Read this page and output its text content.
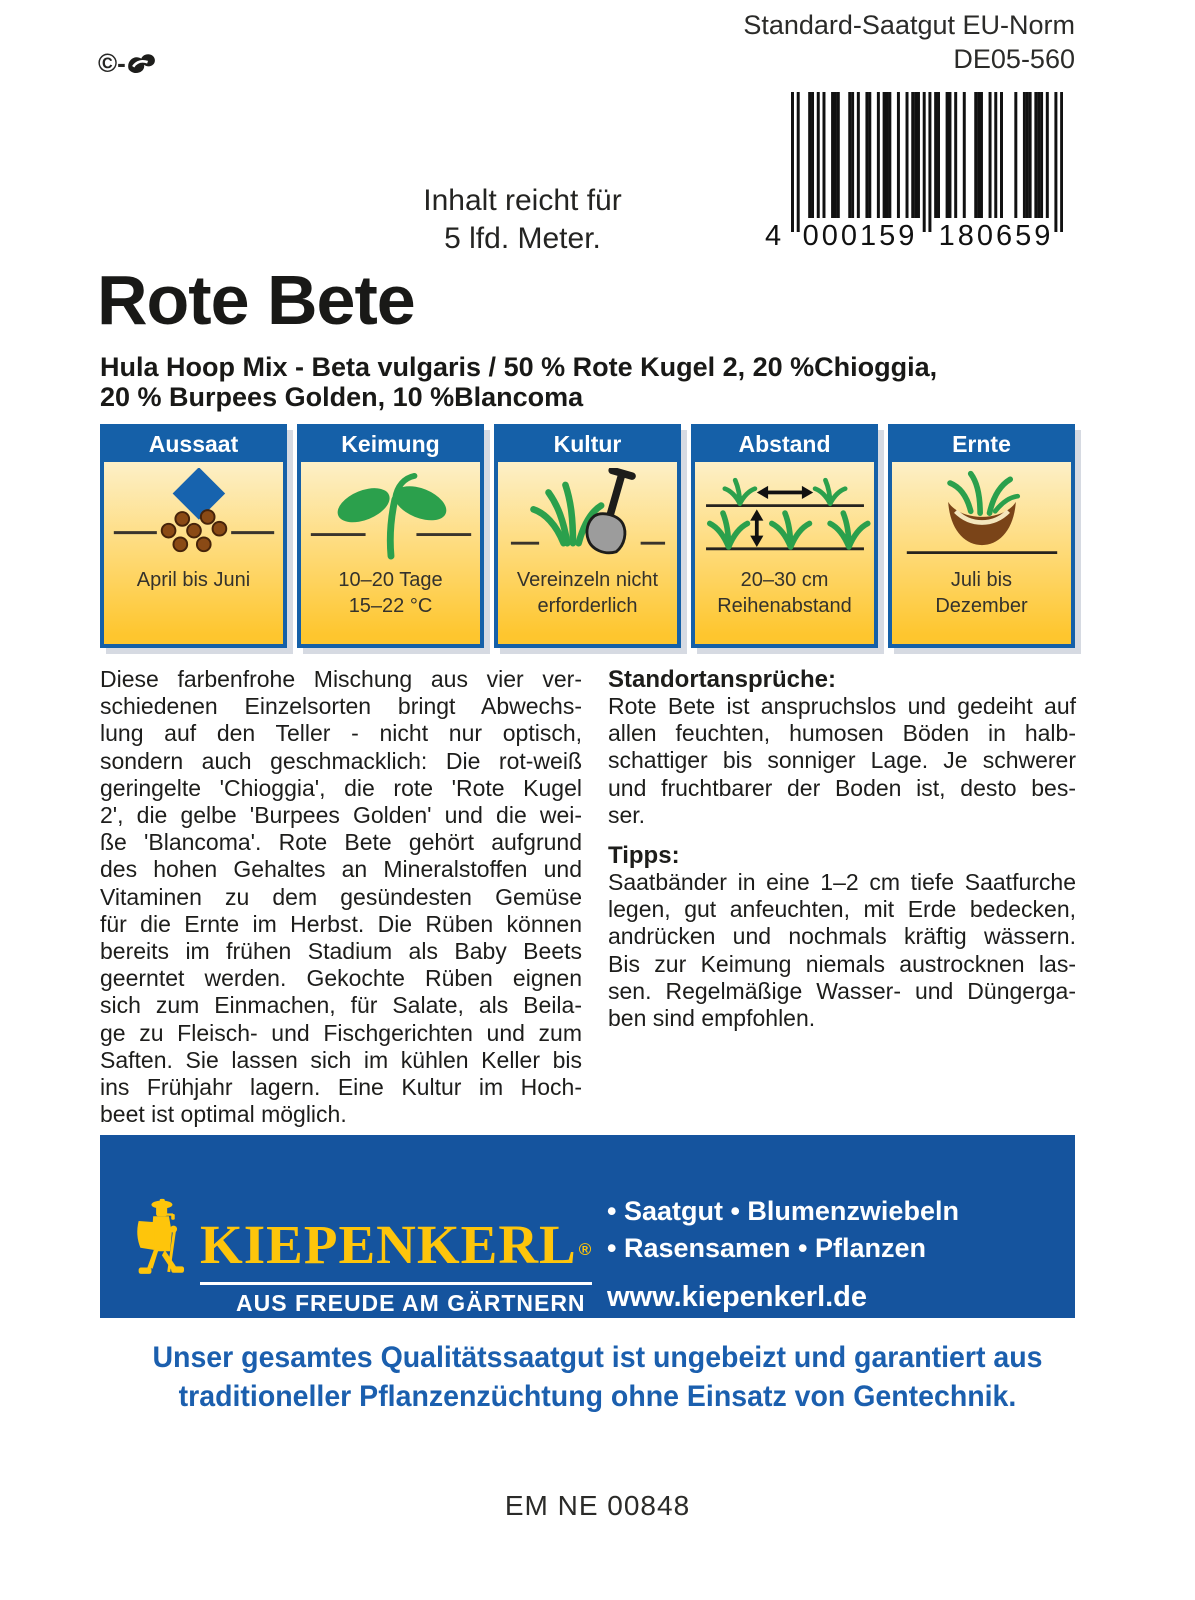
©-
Standard-Saatgut EU-Norm
DE05-560
4 000159 180659
Inhalt reicht für
5 lfd. Meter.
Rote Bete
Hula Hoop Mix - Beta vulgaris / 50 % Rote Kugel 2, 20 %Chioggia,
20 % Burpees Golden, 10 %Blancoma
Aussaat
April bis Juni
Keimung
10–20 Tage
15–22 °C
Kultur
Vereinzeln nicht
erforderlich
Abstand
20–30 cm
Reihenabstand
Ernte
Juli bis
Dezember
Diese farbenfrohe Mischung aus vier ver-
schiedenen Einzelsorten bringt Abwechs-
lung auf den Teller - nicht nur optisch,
sondern auch geschmacklich: Die rot-weiß
geringelte 'Chioggia', die rote 'Rote Kugel
2', die gelbe 'Burpees Golden' und die wei-
ße 'Blancoma'. Rote Bete gehört aufgrund
des hohen Gehaltes an Mineralstoffen und
Vitaminen zu dem gesündesten Gemüse
für die Ernte im Herbst. Die Rüben können
bereits im frühen Stadium als Baby Beets
geerntet werden. Gekochte Rüben eignen
sich zum Einmachen, für Salate, als Beila-
ge zu Fleisch- und Fischgerichten und zum
Saften. Sie lassen sich im kühlen Keller bis
ins Frühjahr lagern. Eine Kultur im Hoch-
beet ist optimal möglich.
Standortansprüche:
Rote Bete ist anspruchslos und gedeiht auf
allen feuchten, humosen Böden in halb-
schattiger bis sonniger Lage. Je schwerer
und fruchtbarer der Boden ist, desto bes-
ser.
Tipps:
Saatbänder in eine 1–2 cm tiefe Saatfurche
legen, gut anfeuchten, mit Erde bedecken,
andrücken und nochmals kräftig wässern.
Bis zur Keimung niemals austrocknen las-
sen. Regelmäßige Wasser- und Düngerga-
ben sind empfohlen.
KIEPENKERL ®
AUS FREUDE AM GÄRTNERN
• Saatgut • Blumenzwiebeln
• Rasensamen • Pflanzen
www.kiepenkerl.de
Unser gesamtes Qualitätssaatgut ist ungebeizt und garantiert aus
traditioneller Pflanzenzüchtung ohne Einsatz von Gentechnik.
EM NE 00848
